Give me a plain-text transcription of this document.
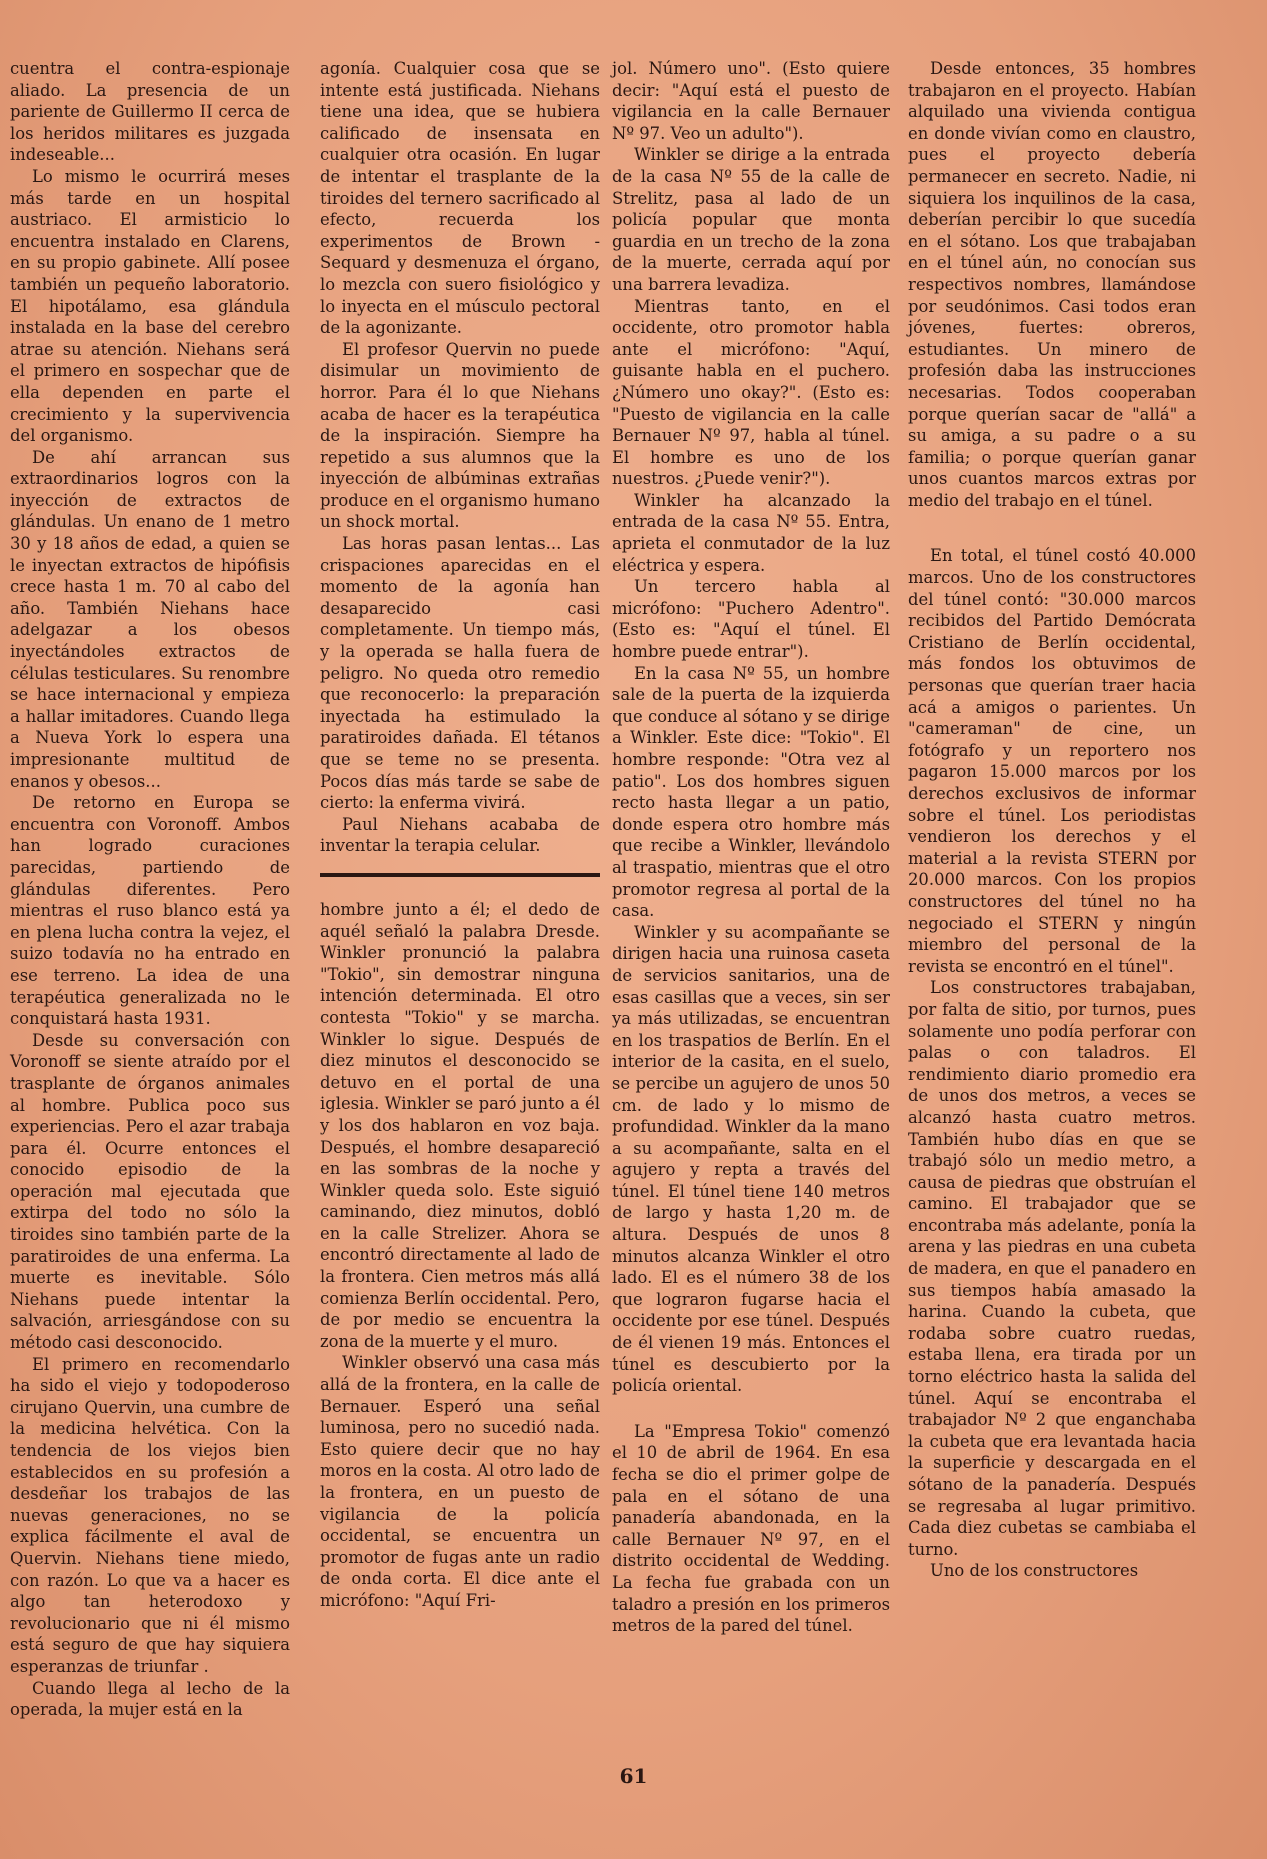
cuentra el contra-espionaje aliado. La presencia de un pariente de Guillermo II cerca de los heridos militares es juzgada indeseable...

Lo mismo le ocurrirá meses más tarde en un hospital austriaco. El armisticio lo encuentra instalado en Clarens, en su propio gabinete. Allí posee también un pequeño laboratorio. El hipotálamo, esa glándula instalada en la base del cerebro atrae su atención. Niehans será el primero en sospechar que de ella dependen en parte el crecimiento y la supervivencia del organismo.

De ahí arrancan sus extraordinarios logros con la inyección de extractos de glándulas. Un enano de 1 metro 30 y 18 años de edad, a quien se le inyectan extractos de hipófisis crece hasta 1 m. 70 al cabo del año. También Niehans hace adelgazar a los obesos inyectándoles extractos de células testiculares. Su renombre se hace internacional y empieza a hallar imitadores. Cuando llega a Nueva York lo espera una impresionante multitud de enanos y obesos...

De retorno en Europa se encuentra con Voronoff. Ambos han logrado curaciones parecidas, partiendo de glándulas diferentes. Pero mientras el ruso blanco está ya en plena lucha contra la vejez, el suizo todavía no ha entrado en ese terreno. La idea de una terapéutica generalizada no le conquistará hasta 1931.

Desde su conversación con Voronoff se siente atraído por el trasplante de órganos animales al hombre. Publica poco sus experiencias. Pero el azar trabaja para él. Ocurre entonces el conocido episodio de la operación mal ejecutada que extirpa del todo no sólo la tiroides sino también parte de la paratiroides de una enferma. La muerte es inevitable. Sólo Niehans puede intentar la salvación, arriesgándose con su método casi desconocido.

El primero en recomendarlo ha sido el viejo y todopoderoso cirujano Quervin, una cumbre de la medicina helvética. Con la tendencia de los viejos bien establecidos en su profesión a desdeñar los trabajos de las nuevas generaciones, no se explica fácilmente el aval de Quervin. Niehans tiene miedo, con razón. Lo que va a hacer es algo tan heterodoxo y revolucionario que ni él mismo está seguro de que hay siquiera esperanzas de triunfar .

Cuando llega al lecho de la operada, la mujer está en la

agonía. Cualquier cosa que se intente está justificada. Niehans tiene una idea, que se hubiera calificado de insensata en cualquier otra ocasión. En lugar de intentar el trasplante de la tiroides del ternero sacrificado al efecto, recuerda los experimentos de Brown - Sequard y desmenuza el órgano, lo mezcla con suero fisiológico y lo inyecta en el músculo pectoral de la agonizante.

El profesor Quervin no puede disimular un movimiento de horror. Para él lo que Niehans acaba de hacer es la terapéutica de la inspiración. Siempre ha repetido a sus alumnos que la inyección de albúminas extrañas produce en el organismo humano un shock mortal.

Las horas pasan lentas... Las crispaciones aparecidas en el momento de la agonía han desaparecido casi completamente. Un tiempo más, y la operada se halla fuera de peligro. No queda otro remedio que reconocerlo: la preparación inyectada ha estimulado la paratiroides dañada. El tétanos que se teme no se presenta. Pocos días más tarde se sabe de cierto: la enferma vivirá.

Paul Niehans acababa de inventar la terapia celular.

hombre junto a él; el dedo de aquél señaló la palabra Dresde. Winkler pronunció la palabra "Tokio", sin demostrar ninguna intención determinada. El otro contesta "Tokio" y se marcha. Winkler lo sigue. Después de diez minutos el desconocido se detuvo en el portal de una iglesia. Winkler se paró junto a él y los dos hablaron en voz baja. Después, el hombre desapareció en las sombras de la noche y Winkler queda solo. Este siguió caminando, diez minutos, dobló en la calle Strelizer. Ahora se encontró directamente al lado de la frontera. Cien metros más allá comienza Berlín occidental. Pero, de por medio se encuentra la zona de la muerte y el muro.

Winkler observó una casa más allá de la frontera, en la calle de Bernauer. Esperó una señal luminosa, pero no sucedió nada. Esto quiere decir que no hay moros en la costa. Al otro lado de la frontera, en un puesto de vigilancia de la policía occidental, se encuentra un promotor de fugas ante un radio de onda corta. El dice ante el micrófono: "Aquí Fri-

jol. Número uno". (Esto quiere decir: "Aquí está el puesto de vigilancia en la calle Bernauer Nº 97. Veo un adulto").

Winkler se dirige a la entrada de la casa Nº 55 de la calle de Strelitz, pasa al lado de un policía popular que monta guardia en un trecho de la zona de la muerte, cerrada aquí por una barrera levadiza.

Mientras tanto, en el occidente, otro promotor habla ante el micrófono: "Aquí, guisante habla en el puchero. ¿Número uno okay?". (Esto es: "Puesto de vigilancia en la calle Bernauer Nº 97, habla al túnel. El hombre es uno de los nuestros. ¿Puede venir?").

Winkler ha alcanzado la entrada de la casa Nº 55. Entra, aprieta el conmutador de la luz eléctrica y espera.

Un tercero habla al micrófono: "Puchero Adentro". (Esto es: "Aquí el túnel. El hombre puede entrar").

En la casa Nº 55, un hombre sale de la puerta de la izquierda que conduce al sótano y se dirige a Winkler. Este dice: "Tokio". El hombre responde: "Otra vez al patio". Los dos hombres siguen recto hasta llegar a un patio, donde espera otro hombre más que recibe a Winkler, llevándolo al traspatio, mientras que el otro promotor regresa al portal de la casa.

Winkler y su acompañante se dirigen hacia una ruinosa caseta de servicios sanitarios, una de esas casillas que a veces, sin ser ya más utilizadas, se encuentran en los traspatios de Berlín. En el interior de la casita, en el suelo, se percibe un agujero de unos 50 cm. de lado y lo mismo de profundidad. Winkler da la mano a su acompañante, salta en el agujero y repta a través del túnel. El túnel tiene 140 metros de largo y hasta 1,20 m. de altura. Después de unos 8 minutos alcanza Winkler el otro lado. El es el número 38 de los que lograron fugarse hacia el occidente por ese túnel. Después de él vienen 19 más. Entonces el túnel es descubierto por la policía oriental.

La "Empresa Tokio" comenzó el 10 de abril de 1964. En esa fecha se dio el primer golpe de pala en el sótano de una panadería abandonada, en la calle Bernauer Nº 97, en el distrito occidental de Wedding. La fecha fue grabada con un taladro a presión en los primeros metros de la pared del túnel.

Desde entonces, 35 hombres trabajaron en el proyecto. Habían alquilado una vivienda contigua en donde vivían como en claustro, pues el proyecto debería permanecer en secreto. Nadie, ni siquiera los inquilinos de la casa, deberían percibir lo que sucedía en el sótano. Los que trabajaban en el túnel aún, no conocían sus respectivos nombres, llamándose por seudónimos. Casi todos eran jóvenes, fuertes: obreros, estudiantes. Un minero de profesión daba las instrucciones necesarias. Todos cooperaban porque querían sacar de "allá" a su amiga, a su padre o a su familia; o porque querían ganar unos cuantos marcos extras por medio del trabajo en el túnel.

En total, el túnel costó 40.000 marcos. Uno de los constructores del túnel contó: "30.000 marcos recibidos del Partido Demócrata Cristiano de Berlín occidental, más fondos los obtuvimos de personas que querían traer hacia acá a amigos o parientes. Un "cameraman" de cine, un fotógrafo y un reportero nos pagaron 15.000 marcos por los derechos exclusivos de informar sobre el túnel. Los periodistas vendieron los derechos y el material a la revista STERN por 20.000 marcos. Con los propios constructores del túnel no ha negociado el STERN y ningún miembro del personal de la revista se encontró en el túnel".

Los constructores trabajaban, por falta de sitio, por turnos, pues solamente uno podía perforar con palas o con taladros. El rendimiento diario promedio era de unos dos metros, a veces se alcanzó hasta cuatro metros. También hubo días en que se trabajó sólo un medio metro, a causa de piedras que obstruían el camino. El trabajador que se encontraba más adelante, ponía la arena y las piedras en una cubeta de madera, en que el panadero en sus tiempos había amasado la harina. Cuando la cubeta, que rodaba sobre cuatro ruedas, estaba llena, era tirada por un torno eléctrico hasta la salida del túnel. Aquí se encontraba el trabajador Nº 2 que enganchaba la cubeta que era levantada hacia la superficie y descargada en el sótano de la panadería. Después se regresaba al lugar primitivo. Cada diez cubetas se cambiaba el turno.

Uno de los constructores

61
